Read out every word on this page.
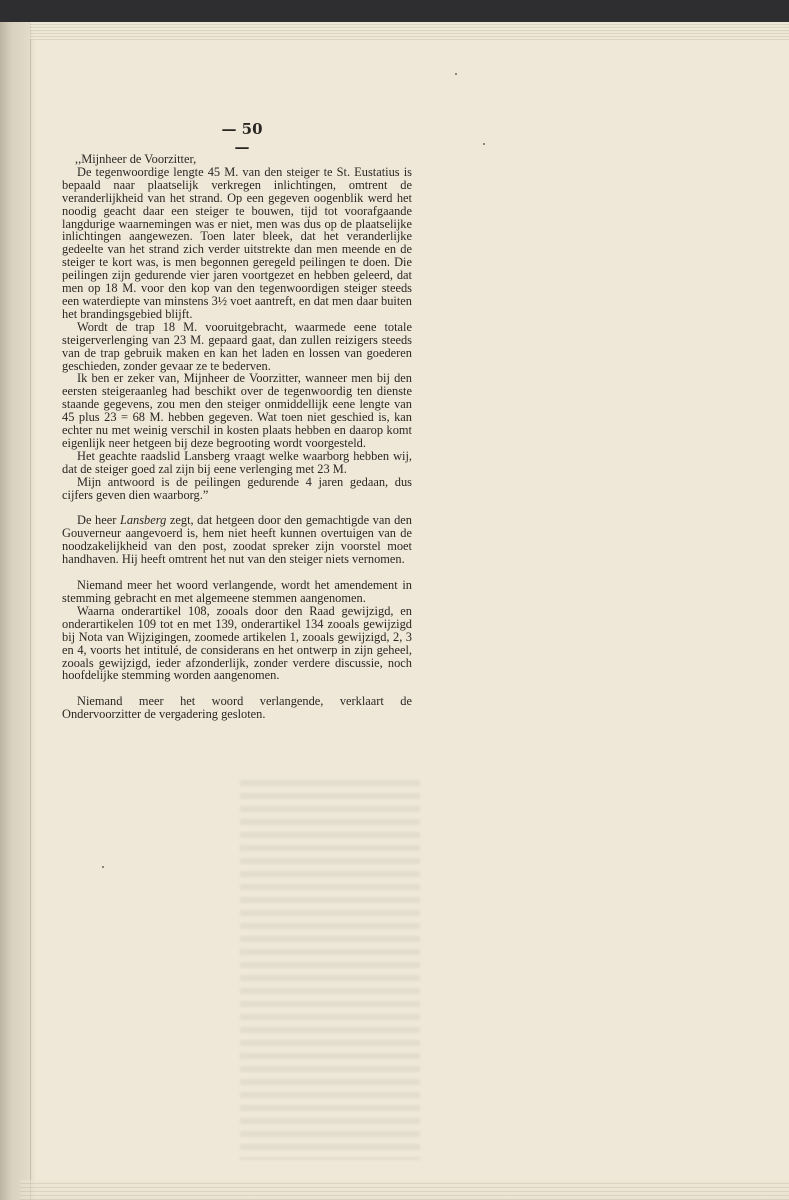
— 50 —

,,Mijnheer de Voorzitter,

De tegenwoordige lengte 45 M. van den steiger te St. Eustatius is bepaald naar plaatselijk verkregen inlichtingen, omtrent de veranderlijkheid van het strand. Op een gegeven oogenblik werd het noodig geacht daar een steiger te bouwen, tijd tot voorafgaande langdurige waarnemingen was er niet, men was dus op de plaatselijke inlichtingen aangewezen. Toen later bleek, dat het veranderlijke gedeelte van het strand zich verder uitstrekte dan men meende en de steiger te kort was, is men begonnen geregeld peilingen te doen. Die peilingen zijn gedurende vier jaren voortgezet en hebben geleerd, dat men op 18 M. voor den kop van den tegenwoordigen steiger steeds een waterdiepte van minstens 3½ voet aantreft, en dat men daar buiten het brandingsgebied blijft.

Wordt de trap 18 M. vooruitgebracht, waarmede eene totale steigerverlenging van 23 M. gepaard gaat, dan zullen reizigers steeds van de trap gebruik maken en kan het laden en lossen van goederen geschieden, zonder gevaar ze te bederven.

Ik ben er zeker van, Mijnheer de Voorzitter, wanneer men bij den eersten steigeraanleg had beschikt over de tegenwoordig ten dienste staande gegevens, zou men den steiger onmiddellijk eene lengte van 45 plus 23 = 68 M. hebben gegeven. Wat toen niet geschied is, kan echter nu met weinig verschil in kosten plaats hebben en daarop komt eigenlijk neer hetgeen bij deze begrooting wordt voorgesteld.

Het geachte raadslid Lansberg vraagt welke waarborg hebben wij, dat de steiger goed zal zijn bij eene verlenging met 23 M.

Mijn antwoord is de peilingen gedurende 4 jaren gedaan, dus cijfers geven dien waarborg.”

De heer Lansberg zegt, dat hetgeen door den gemachtigde van den Gouverneur aangevoerd is, hem niet heeft kunnen overtuigen van de noodzakelijkheid van den post, zoodat spreker zijn voorstel moet handhaven. Hij heeft omtrent het nut van den steiger niets vernomen.

Niemand meer het woord verlangende, wordt het amendement in stemming gebracht en met algemeene stemmen aangenomen.

Waarna onderartikel 108, zooals door den Raad gewijzigd, en onderartikelen 109 tot en met 139, onderartikel 134 zooals gewijzigd bij Nota van Wijzigingen, zoomede artikelen 1, zooals gewijzigd, 2, 3 en 4, voorts het intitulé, de considerans en het ontwerp in zijn geheel, zooals gewijzigd, ieder afzonderlijk, zonder verdere discussie, noch hoofdelijke stemming worden aangenomen.

Niemand meer het woord verlangende, verklaart de Ondervoorzitter de vergadering gesloten.
